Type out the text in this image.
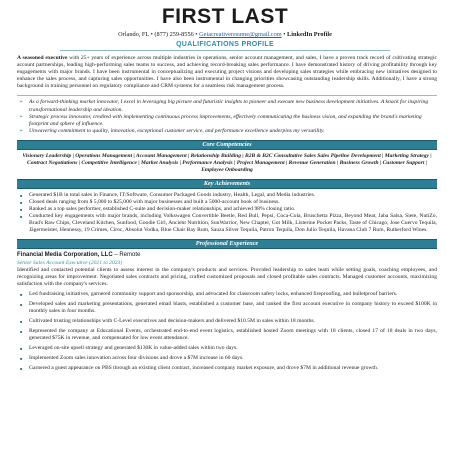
FIRST LAST
Orlando, FL • (877) 259-8556 • Getacreativeresume@gmail.com • LinkedIn Profile
QUALIFICATIONS PROFILE
A seasoned executive with 25+ years of experience across multiple industries in operations, senior account management, and sales, I have a proven track record of cultivating strategic account partnerships, leading high-performing sales teams to success, and achieving record-breaking sales performance. I have demonstrated history of driving profitability through key engagements with major brands. I have been instrumental in conceptualizing and executing project visions and developing sales strategies while embracing new initiatives designed to enhance the sales process, and capturing sales opportunities. I have also been instrumental in changing priorities showcasing outstanding leadership skills. Additionally, I have a strong background in training personnel on regulatory compliance and CRM systems for a seamless risk management process.
➢ As a forward-thinking market innovator, I excel in leveraging big picture and futuristic insights to pioneer and execute new business development initiatives. A knack for inspiring transformational leadership and ideation.
➢ Strategic process innovator, credited with implementing continuous process improvements, effectively communicating the business vision, and expanding the brand's marketing footprint and sphere of influence.
➢ Unwavering commitment to quality, innovation, exceptional customer service, and performance excellence underpins my versatility.
Core Competencies
Visionary Leadership | Operations Management | Account Management | Relationship Building | B2B & B2C Consultative Sales Sales Pipeline Development | Marketing Strategy | Contract Negotiations | Competitive Intelligence | Market Analysis | Performance Analysis | Project Management | Revenue Generation | Business Growth | Customer Support | Employee Onboarding
Key Achievements
■ Generated $1B in total sales in Finance, IT/Software, Consumer Packaged Goods industry, Health, Legal, and Media industries.
■ Closed deals ranging from $ 5,000 to $25,000 with major businesses and built a 5000-account book of business.
■ Ranked as a top sales performer, established C-suite and decision-maker relationships, and achieved 98% closing ratio.
■ Conducted key engagements with major brands, including Volkswagen Convertible Beetle, Red Bull, Pepsi, Coca-Cola, Bruschetta Pizza, Beyond Meat, Jaba Salsa, Siete, NutiZo, Brad's Raw Chips, Cleveland Kitchen, Sunfood, Goodie Girl, Ancient Nutrition, SunWarrior, New Chapter, Got Milk, Listerine Pocket Packs, Taste of Chicago, Jose Cuervo Tequila, Jägermeister, Hennessy, 19 Crimes, Ciroc, Absolut Vodka, Blue Chair Bay Rum, Sauza Silver Tequila, Patron Tequila, Don Julio Tequila, Havana Club 7 Rum, Rutherford Wines.
Professional Experience
Financial Media Corporation, LLC – Remote
Senior Sales Account Executive (2021 to 2023)

Identified and contacted potential clients to assess interest in the company's products and services. Provided leadership to sales team while setting goals, coaching employees, and recognizing areas for improvement. Negotiated sales contracts and pricing, crafted customized proposals and closed profitable sales contracts. Managed customer accounts, maximizing satisfaction with the company's services.

■ Led fundraising initiatives, garnered community support and sponsorship, and advocated for classroom safety locks, enhanced fireproofing, and bulletproof barriers.
■ Developed sales and marketing presentations, generated email blasts, established a customer base, and ranked the first account executive in company history to exceed $100K in monthly sales in four months.
■ Cultivated trusting relationships with C-Level executives and decision-makers and delivered $10.5M in sales within 18 months.
■ Represented the company at Educational Events, orchestrated end-to-end event logistics, established hosted Zoom meetings with 18 clients, closed 17 of 18 deals in two days, generated $75K in revenue, and compensated for low event attendance.
■ Leveraged on-site upsell strategy and generated $130K in value-added sales within two days.
■ Implemented Zoom sales innovation across four divisions and drove a $7M increase in 60 days.
■ Garnered a guest appearance on PBS through an existing client contract, increased company market exposure, and drove $7M in additional revenue growth.
